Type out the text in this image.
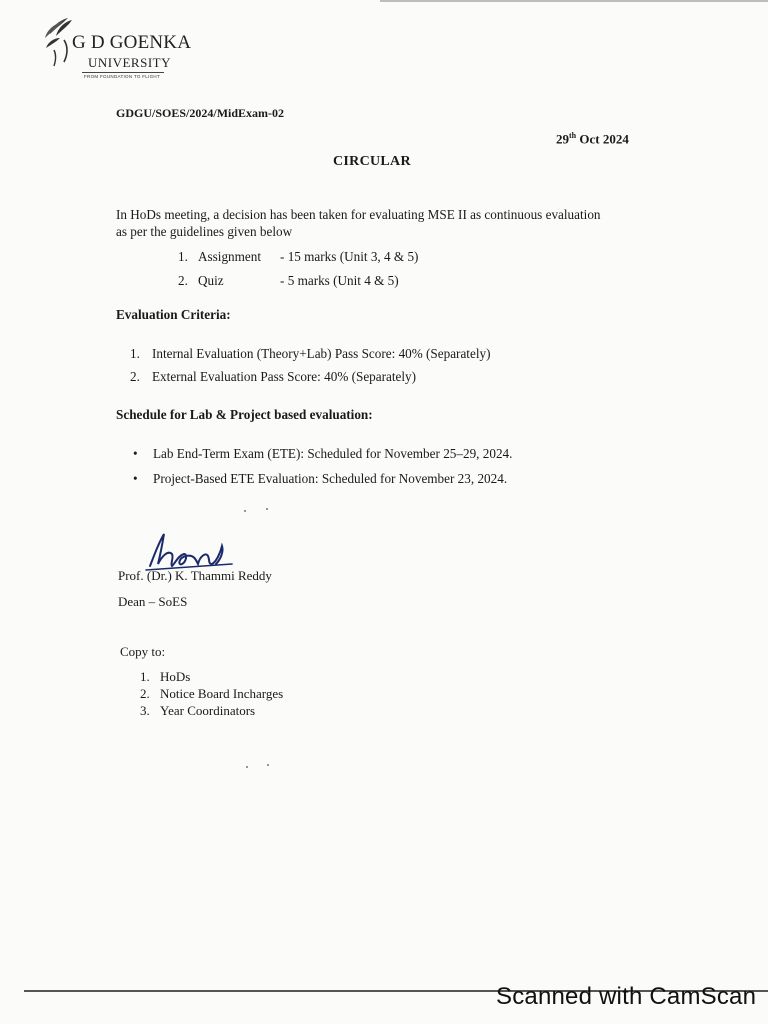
G D GOENKA
UNIVERSITY
FROM FOUNDATION TO FLIGHT
GDGU/SOES/2024/MidExam-02
29th Oct 2024
CIRCULAR

In HoDs meeting, a decision has been taken for evaluating MSE II as continuous evaluation

as per the guidelines given below

1. Assignment - 15 marks (Unit 3, 4 & 5)
2. Quiz	- 5 marks (Unit 4 & 5)
Evaluation Criteria:
1. Internal Evaluation (Theory+Lab) Pass Score: 40% (Separately)
2. External Evaluation Pass Score: 40% (Separately)
Schedule for Lab & Project based evaluation:
• Lab End-Term Exam (ETE): Scheduled for November 25–29, 2024.
• Project-Based ETE Evaluation: Scheduled for November 23, 2024.
Prof. (Dr.) K. Thammi Reddy
Dean – SoES
Copy to:
1. HoDs
2. Notice Board Incharges
3. Year Coordinators
Scanned with CamScan
